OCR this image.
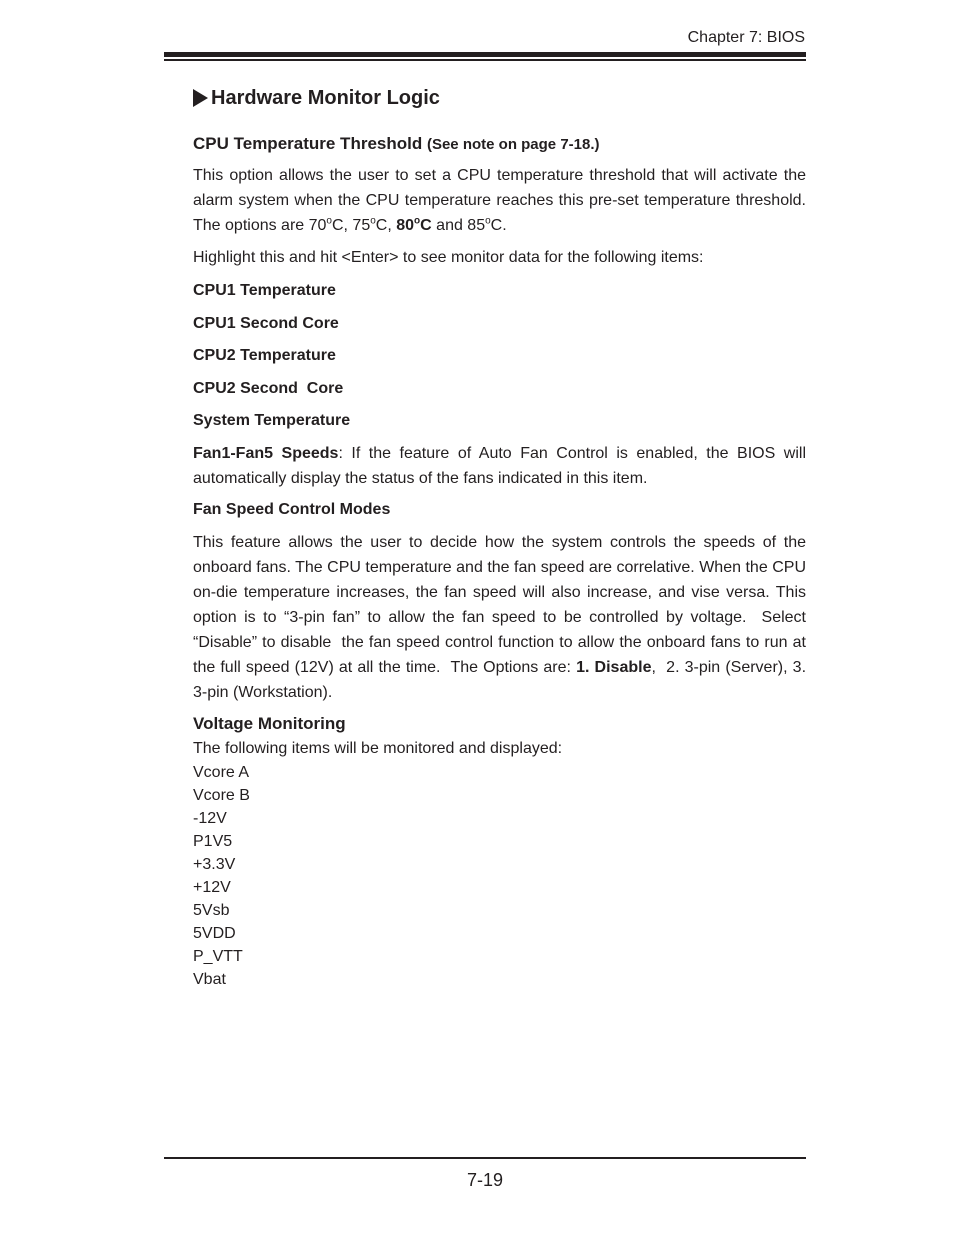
Chapter 7: BIOS
Hardware Monitor Logic
CPU Temperature Threshold (See note on page 7-18.)

This option allows the user to set a CPU temperature threshold that will activate the alarm system when the CPU temperature reaches this pre-set temperature threshold. The options are 70$^o$C, 75$^o$C, 80$^o$C and 85$^o$C.

Highlight this and hit <Enter> to see monitor data for the following items:

CPU1 Temperature
CPU1 Second Core
CPU2 Temperature
CPU2 Second  Core
System Temperature

Fan1-Fan5 Speeds: If the feature of Auto Fan Control is enabled, the BIOS will automatically display the status of the fans indicated in this item.

Fan Speed Control Modes

This feature allows the user to decide how the system controls the speeds of the onboard fans. The CPU temperature and the fan speed are correlative. When the CPU on-die temperature increases, the fan speed will also increase, and vise versa. This option is to “3-pin fan” to allow the fan speed to be controlled by voltage.  Select “Disable” to disable  the fan speed control function to allow the onboard fans to run at the full speed (12V) at all the time.  The Options are: 1. Disable,  2. 3-pin (Server), 3. 3-pin (Workstation).

Voltage Monitoring
The following items will be monitored and displayed:
Vcore A
Vcore B
-12V
P1V5
+3.3V
+12V
5Vsb
5VDD
P_VTT
Vbat
7-19
